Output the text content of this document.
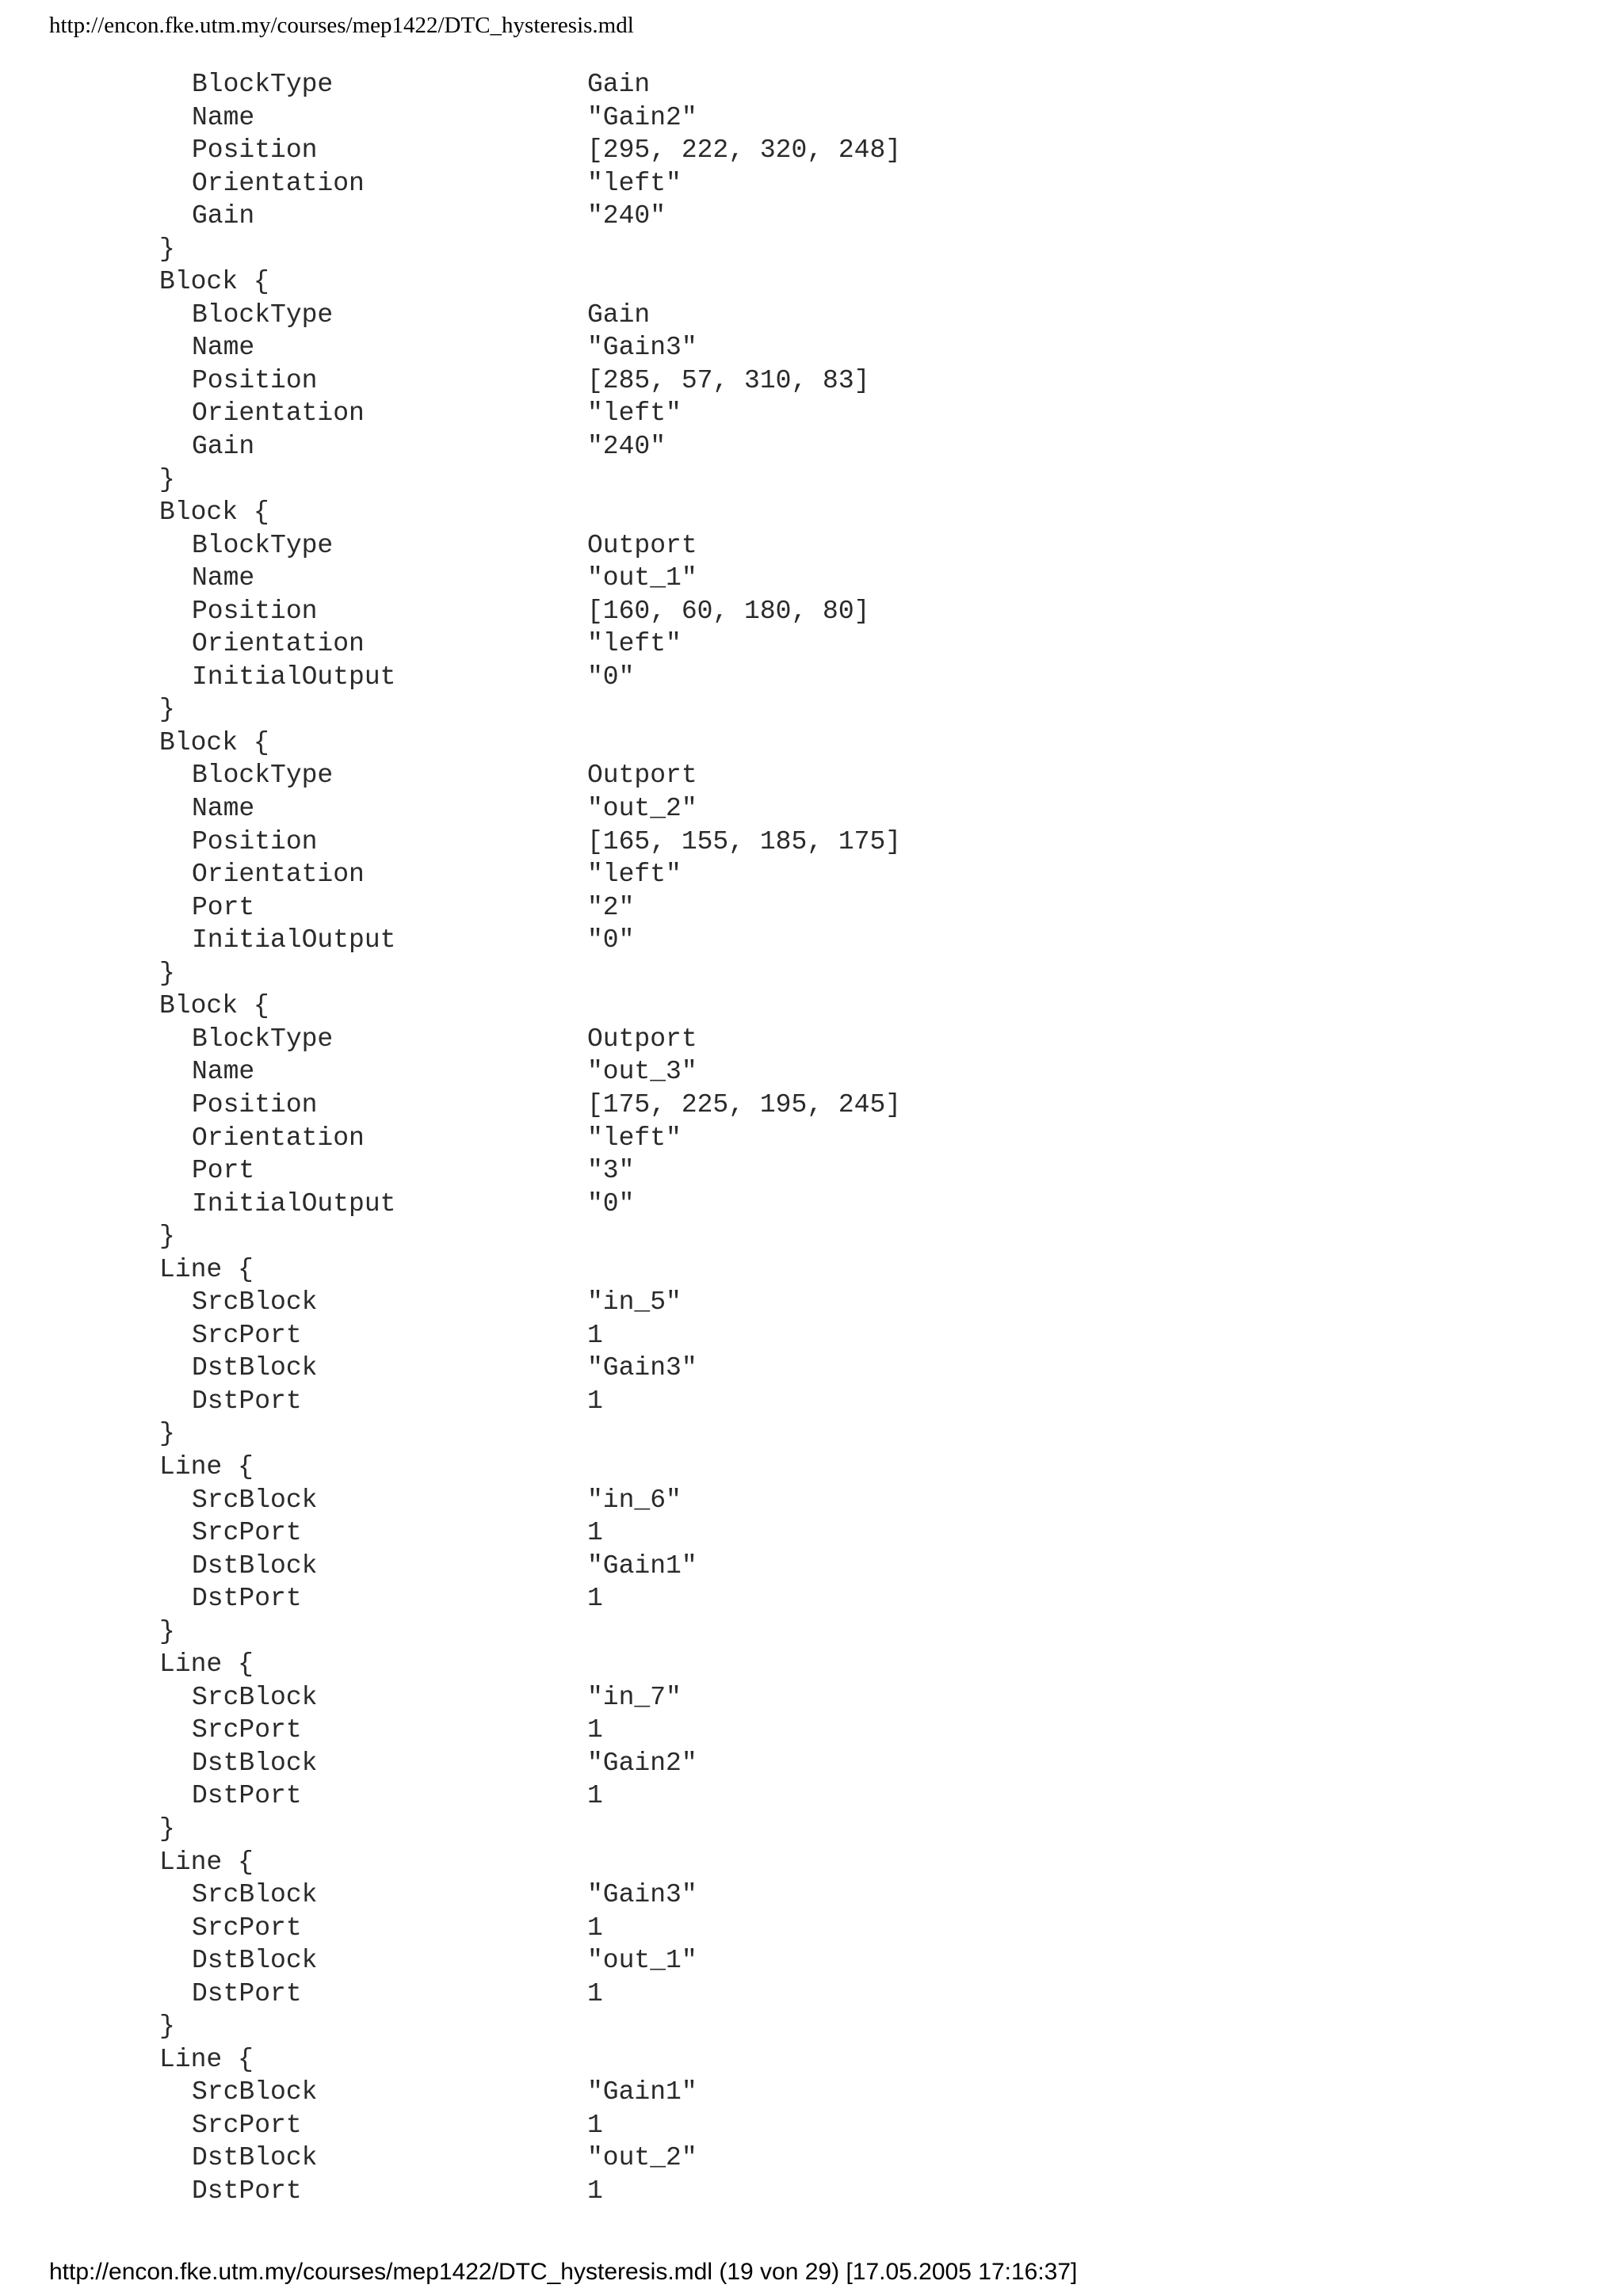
http://encon.fke.utm.my/courses/mep1422/DTC_hysteresis.mdl
BlockType	Gain
Name	"Gain2"
Position	[295, 222, 320, 248]
Orientation	"left"
Gain	"240"
}
Block {
BlockType	Gain
Name	"Gain3"
Position	[285, 57, 310, 83]
Orientation	"left"
Gain	"240"
}
Block {
BlockType	Outport
Name	"out_1"
Position	[160, 60, 180, 80]
Orientation	"left"
InitialOutput	"0"
}
Block {
BlockType	Outport
Name	"out_2"
Position	[165, 155, 185, 175]
Orientation	"left"
Port	"2"
InitialOutput	"0"
}
Block {
BlockType	Outport
Name	"out_3"
Position	[175, 225, 195, 245]
Orientation	"left"
Port	"3"
InitialOutput	"0"
}
Line {
SrcBlock	"in_5"
SrcPort	1
DstBlock	"Gain3"
DstPort	1
}
Line {
SrcBlock	"in_6"
SrcPort	1
DstBlock	"Gain1"
DstPort	1
}
Line {
SrcBlock	"in_7"
SrcPort	1
DstBlock	"Gain2"
DstPort	1
}
Line {
SrcBlock	"Gain3"
SrcPort	1
DstBlock	"out_1"
DstPort	1
}
Line {
SrcBlock	"Gain1"
SrcPort	1
DstBlock	"out_2"
DstPort	1
http://encon.fke.utm.my/courses/mep1422/DTC_hysteresis.mdl (19 von 29) [17.05.2005 17:16:37]
